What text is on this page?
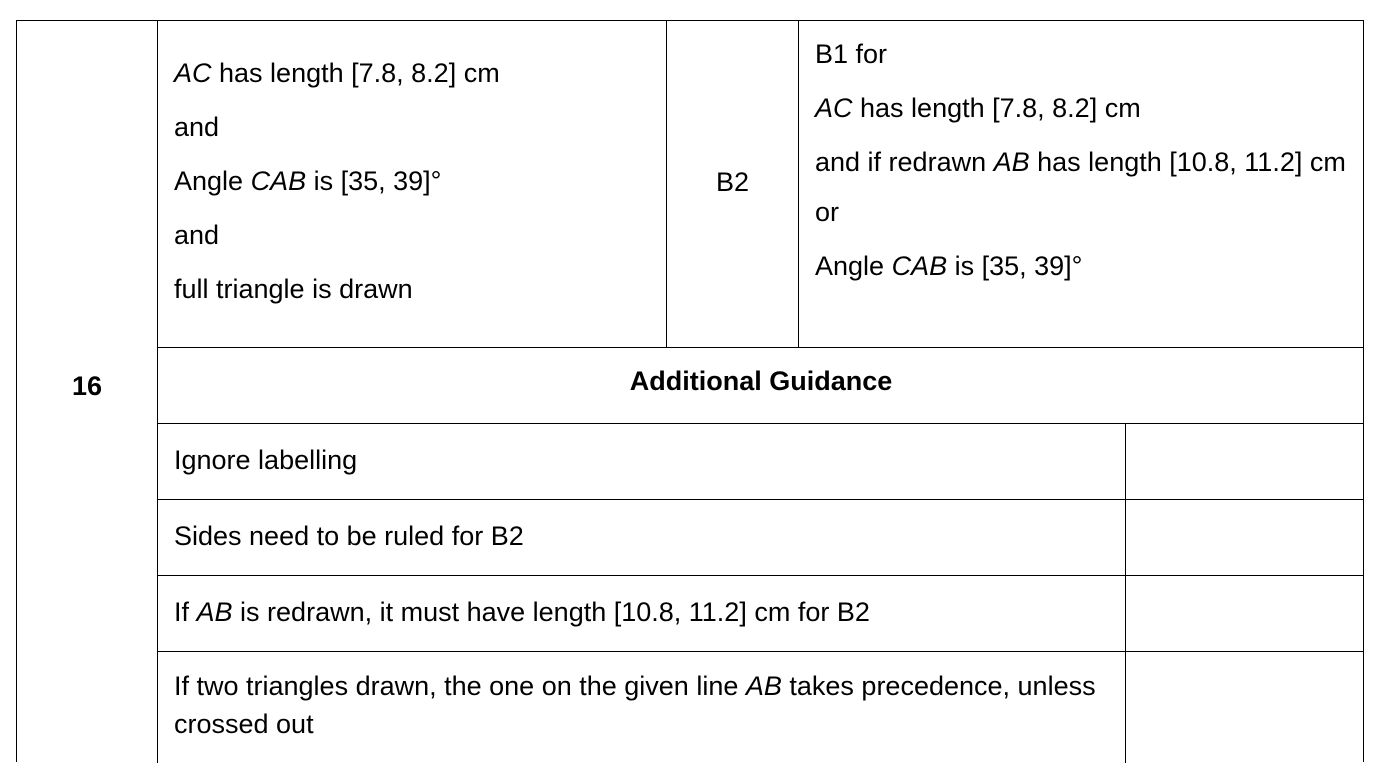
16

AC has length [7.8, 8.2] cm

and

Angle CAB is [35, 39]°

and

full triangle is drawn

B2

B1 for

AC has length [7.8, 8.2] cm

and if redrawn AB has length [10.8, 11.2] cm

or

Angle CAB is [35, 39]°

Additional Guidance
Ignore labelling
Sides need to be ruled for B2
If AB is redrawn, it must have length [10.8, 11.2] cm for B2
If two triangles drawn, the one on the given line AB takes precedence, unless crossed out
